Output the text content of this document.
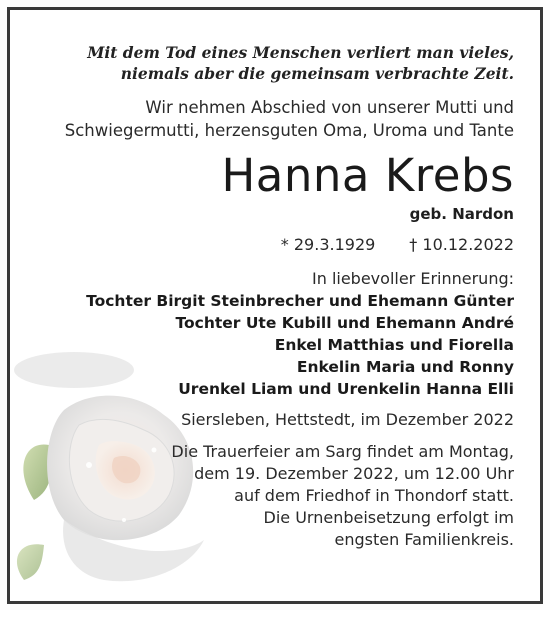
Mit dem Tod eines Menschen verliert man vieles,
niemals aber die gemeinsam verbrachte Zeit.
Wir nehmen Abschied von unserer Mutti und
Schwiegermutti, herzensguten Oma, Uroma und Tante
Hanna Krebs
geb. Nardon
* 29.3.1929 † 10.12.2022
In liebevoller Erinnerung:
Tochter Birgit Steinbrecher und Ehemann Günter
Tochter Ute Kubill und Ehemann André
Enkel Matthias und Fiorella
Enkelin Maria und Ronny
Urenkel Liam und Urenkelin Hanna Elli
Siersleben, Hettstedt, im Dezember 2022
Die Trauerfeier am Sarg findet am Montag,
dem 19. Dezember 2022, um 12.00 Uhr
auf dem Friedhof in Thondorf statt.
Die Urnenbeisetzung erfolgt im
engsten Familienkreis.
